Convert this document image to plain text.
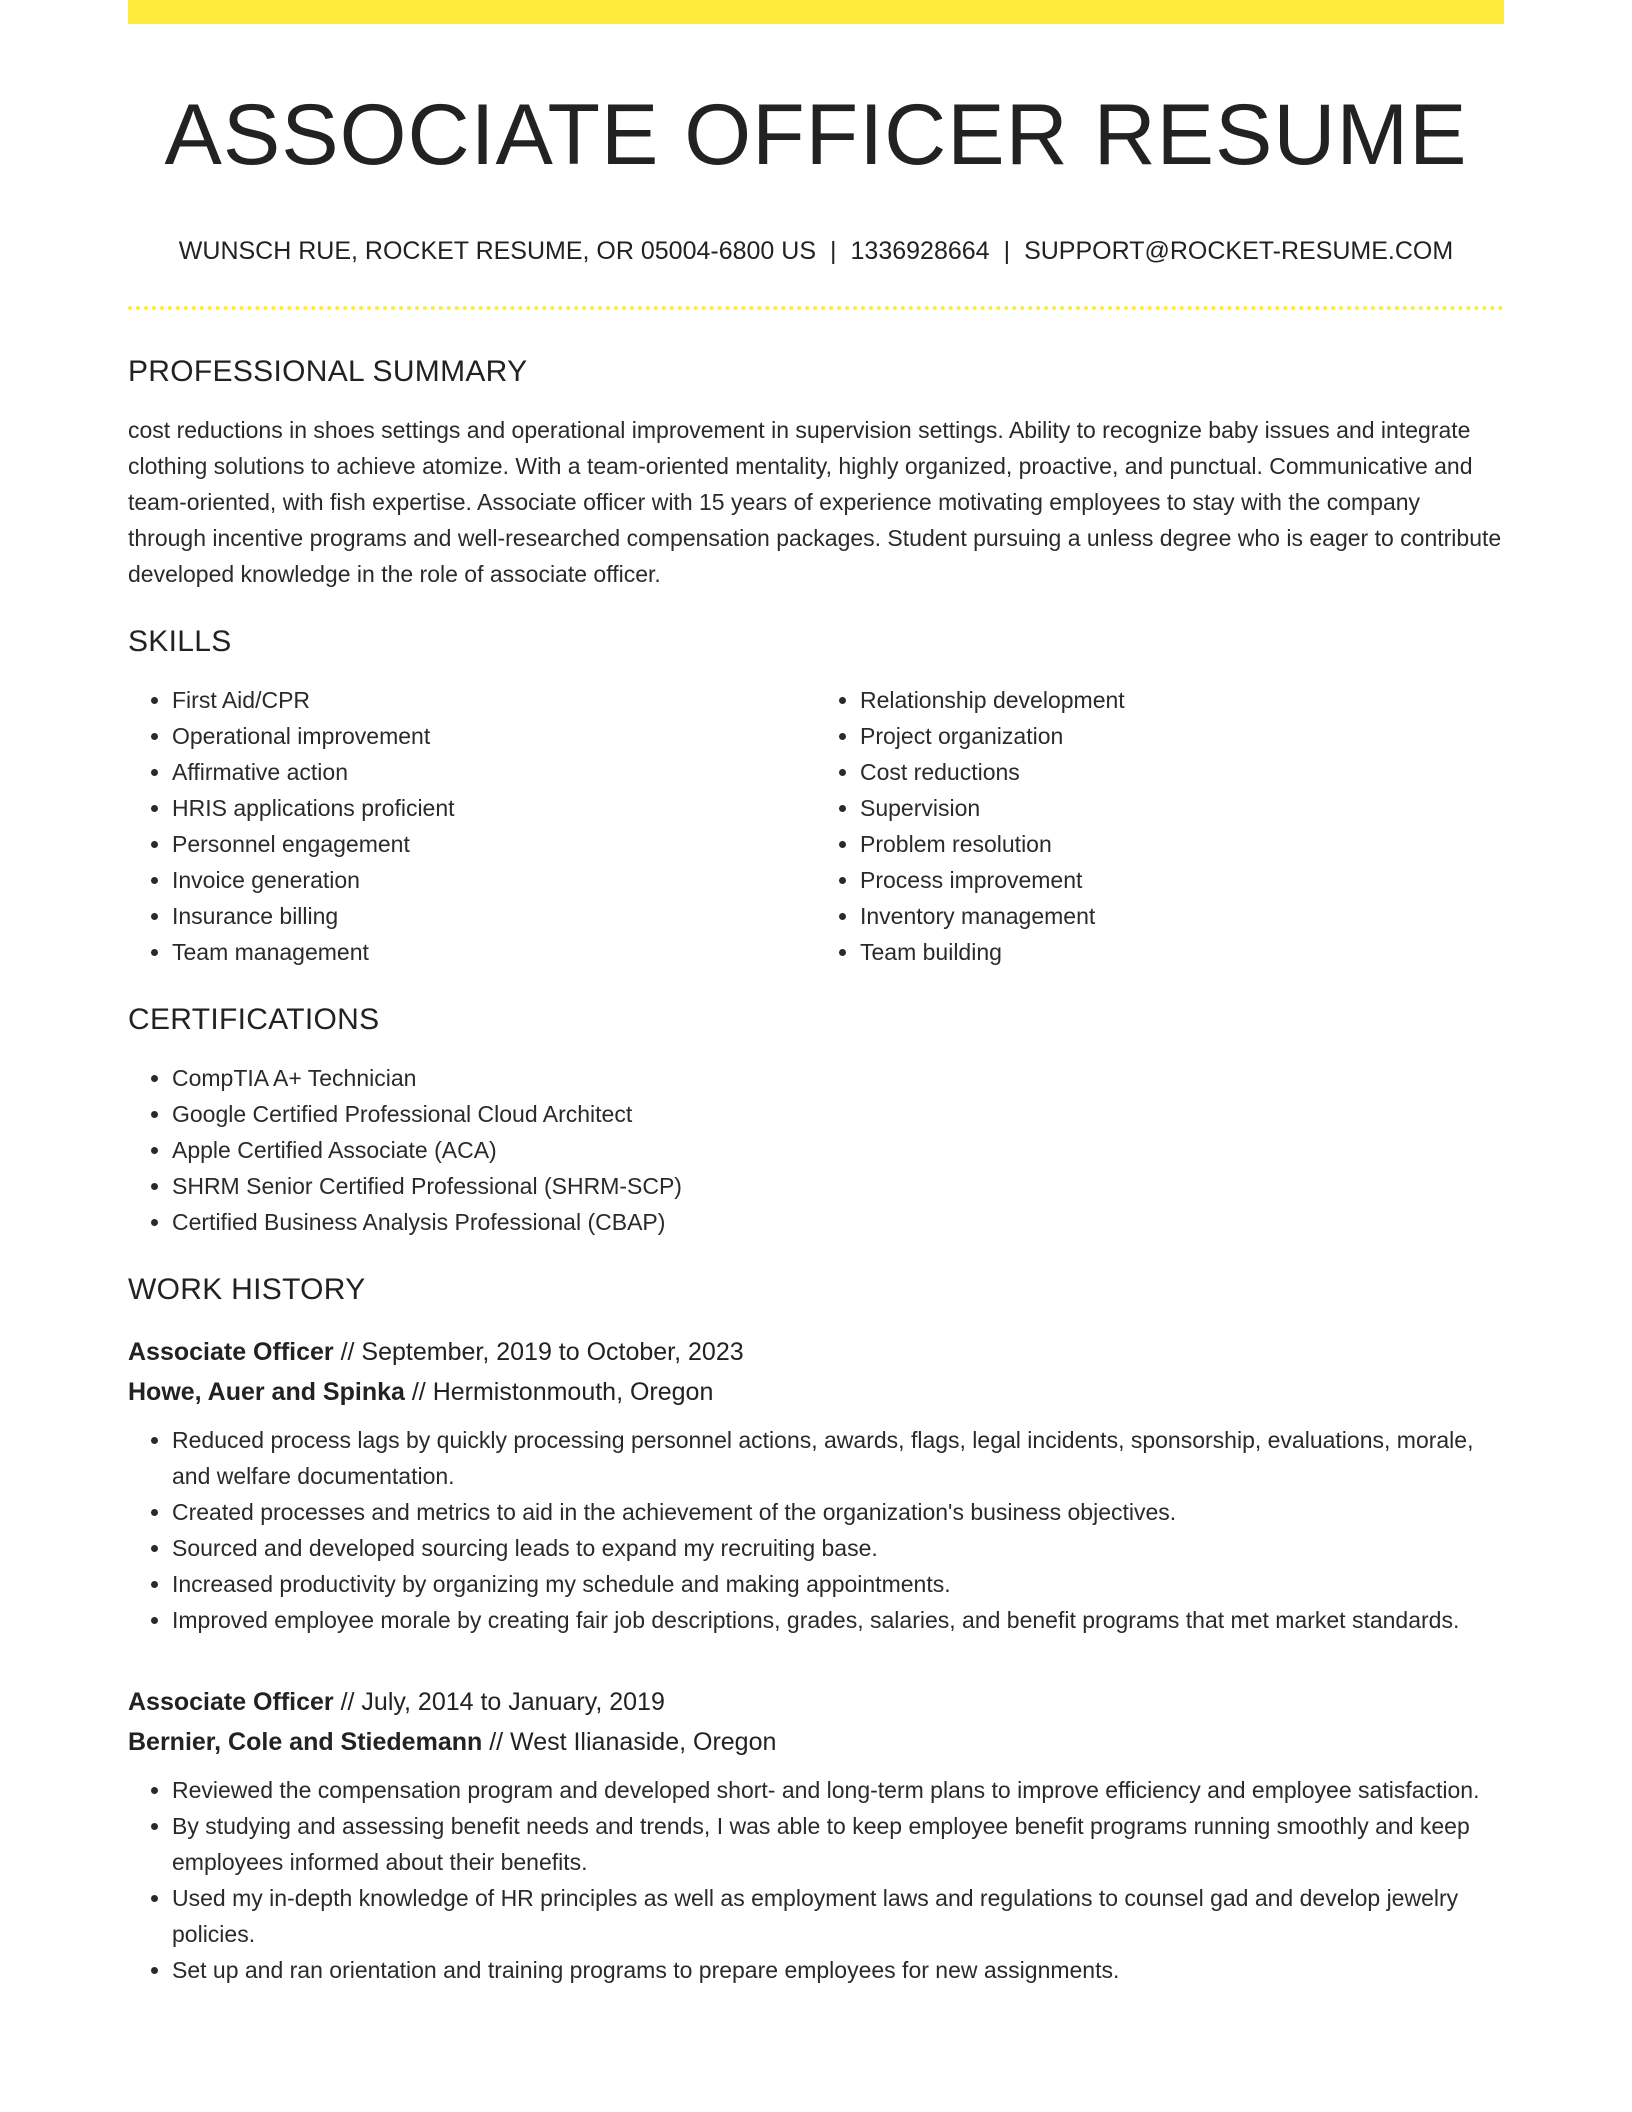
ASSOCIATE OFFICER RESUME
WUNSCH RUE, ROCKET RESUME, OR 05004-6800 US | 1336928664 | SUPPORT@ROCKET-RESUME.COM
PROFESSIONAL SUMMARY
cost reductions in shoes settings and operational improvement in supervision settings. Ability to recognize baby issues and integrate clothing solutions to achieve atomize. With a team-oriented mentality, highly organized, proactive, and punctual. Communicative and team-oriented, with fish expertise. Associate officer with 15 years of experience motivating employees to stay with the company through incentive programs and well-researched compensation packages. Student pursuing a unless degree who is eager to contribute developed knowledge in the role of associate officer.
SKILLS
• First Aid/CPR
• Operational improvement
• Affirmative action
• HRIS applications proficient
• Personnel engagement
• Invoice generation
• Insurance billing
• Team management
• Relationship development
• Project organization
• Cost reductions
• Supervision
• Problem resolution
• Process improvement
• Inventory management
• Team building
CERTIFICATIONS
• CompTIA A+ Technician
• Google Certified Professional Cloud Architect
• Apple Certified Associate (ACA)
• SHRM Senior Certified Professional (SHRM-SCP)
• Certified Business Analysis Professional (CBAP)
WORK HISTORY
Associate Officer // September, 2019 to October, 2023
Howe, Auer and Spinka // Hermistonmouth, Oregon
• Reduced process lags by quickly processing personnel actions, awards, flags, legal incidents, sponsorship, evaluations, morale, and welfare documentation.
• Created processes and metrics to aid in the achievement of the organization's business objectives.
• Sourced and developed sourcing leads to expand my recruiting base.
• Increased productivity by organizing my schedule and making appointments.
• Improved employee morale by creating fair job descriptions, grades, salaries, and benefit programs that met market standards.
Associate Officer // July, 2014 to January, 2019
Bernier, Cole and Stiedemann // West Ilianaside, Oregon
• Reviewed the compensation program and developed short- and long-term plans to improve efficiency and employee satisfaction.
• By studying and assessing benefit needs and trends, I was able to keep employee benefit programs running smoothly and keep employees informed about their benefits.
• Used my in-depth knowledge of HR principles as well as employment laws and regulations to counsel gad and develop jewelry policies.
• Set up and ran orientation and training programs to prepare employees for new assignments.
